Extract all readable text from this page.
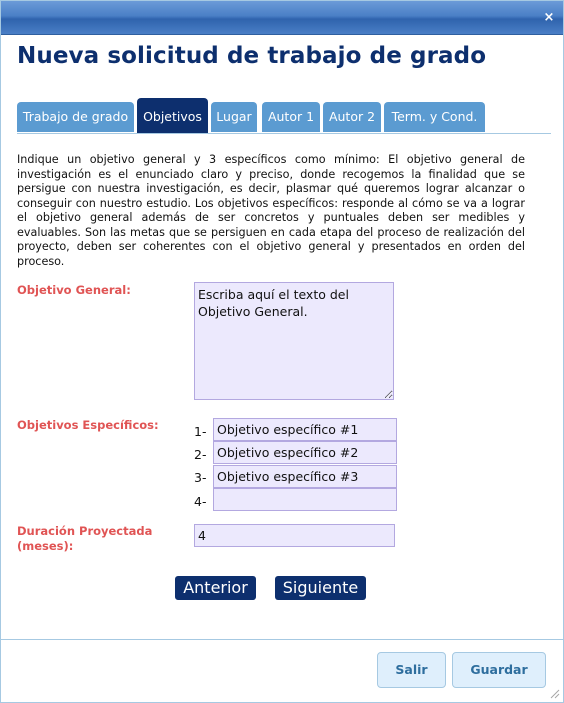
×
Nueva solicitud de trabajo de grado
Trabajo de grado	Objetivos	Lugar	Autor 1	Autor 2	Term. y Cond.
Indique un objetivo general y 3 específicos como mínimo: El objetivo general de investigación es el enunciado claro y preciso, donde recogemos la finalidad que se persigue con nuestra investigación, es decir, plasmar qué queremos lograr alcanzar o conseguir con nuestro estudio. Los objetivos específicos: responde al cómo se va a lograr el objetivo general además de ser concretos y puntuales deben ser medibles y evaluables. Son las metas que se persiguen en cada etapa del proceso de realización del proyecto, deben ser coherentes con el objetivo general y presentados en orden del proceso.
Objetivo General:
Escriba aquí el texto del Objetivo General.
Objetivos Específicos:	1-
Objetivo específico #1
2-
Objetivo específico #2
3-
Objetivo específico #3
4-
Duración Proyectada
(meses):
4
Anterior	Siguiente
Salir	Guardar
